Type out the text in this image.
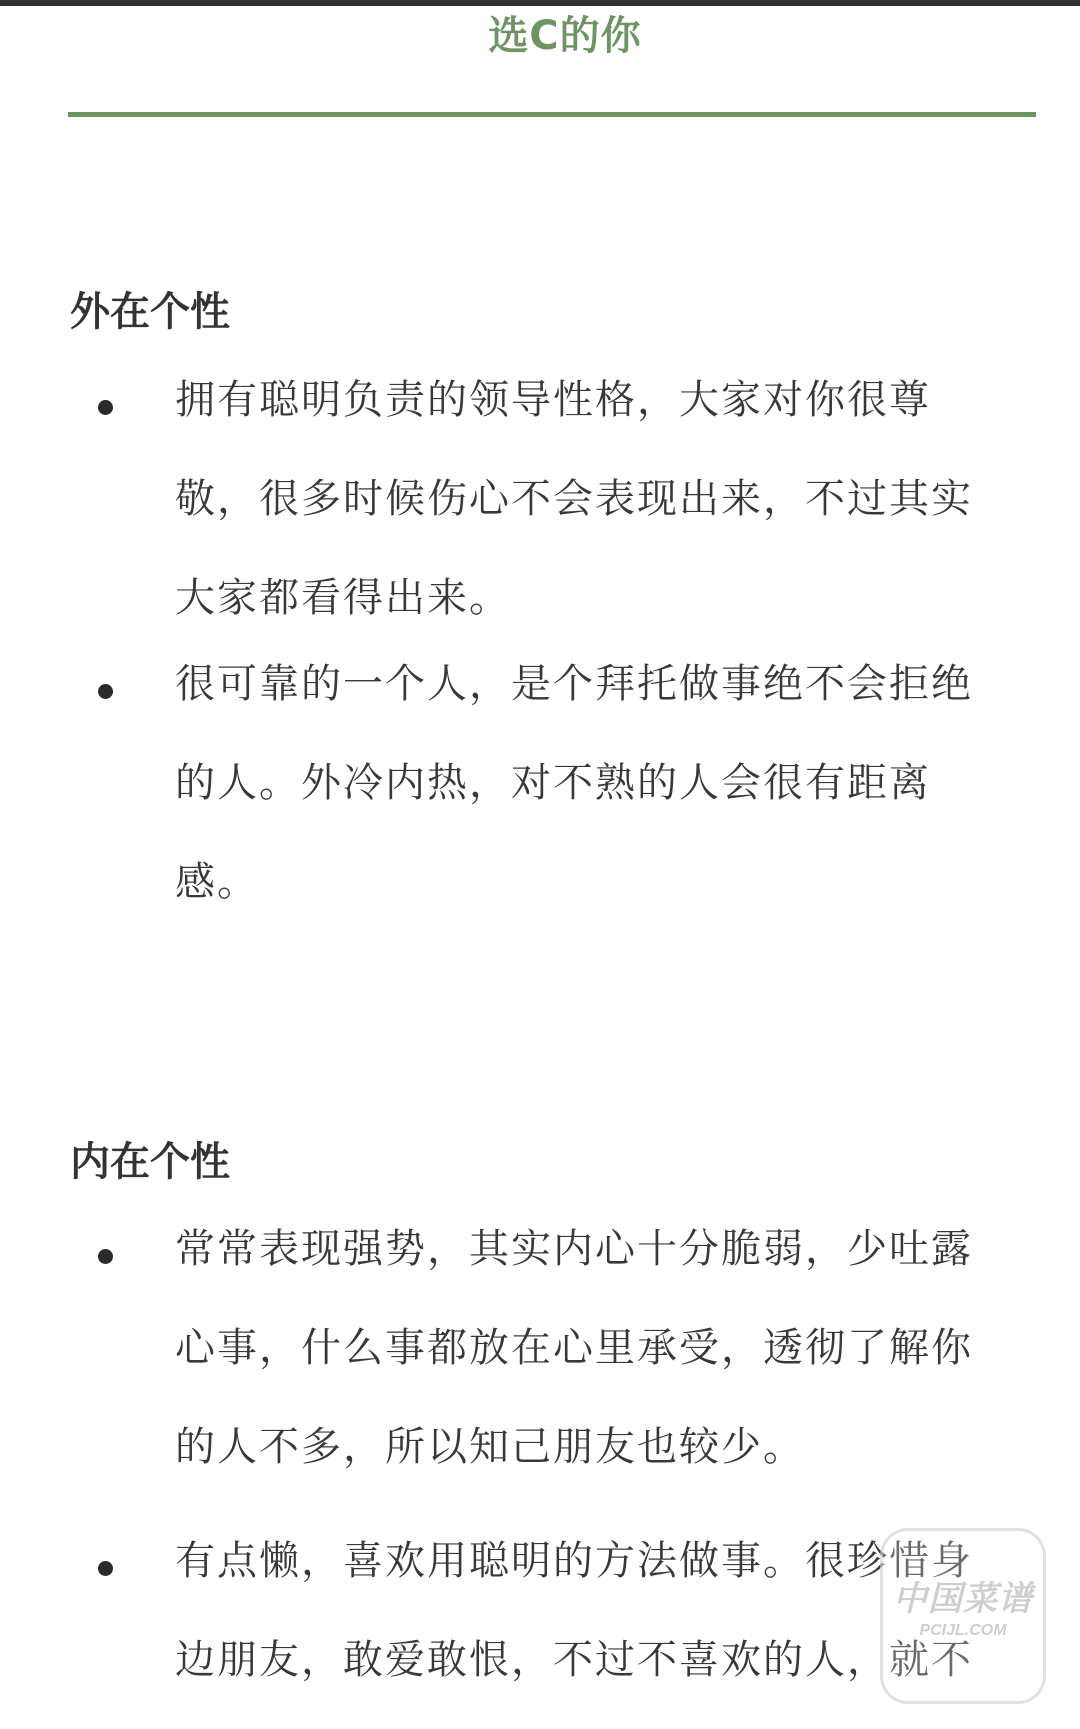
选C的你
外在个性
拥有聪明负责的领导性格，大家对你很尊敬，很多时候伤心不会表现出来，不过其实大家都看得出来。
很可靠的一个人，是个拜托做事绝不会拒绝的人。外冷内热，对不熟的人会很有距离感。
内在个性
常常表现强势，其实内心十分脆弱，少吐露心事，什么事都放在心里承受，透彻了解你的人不多，所以知己朋友也较少。
有点懒，喜欢用聪明的方法做事。很珍惜身边朋友，敢爱敢恨，不过不喜欢的人，就不
中国菜谱
PCIJL.COM
